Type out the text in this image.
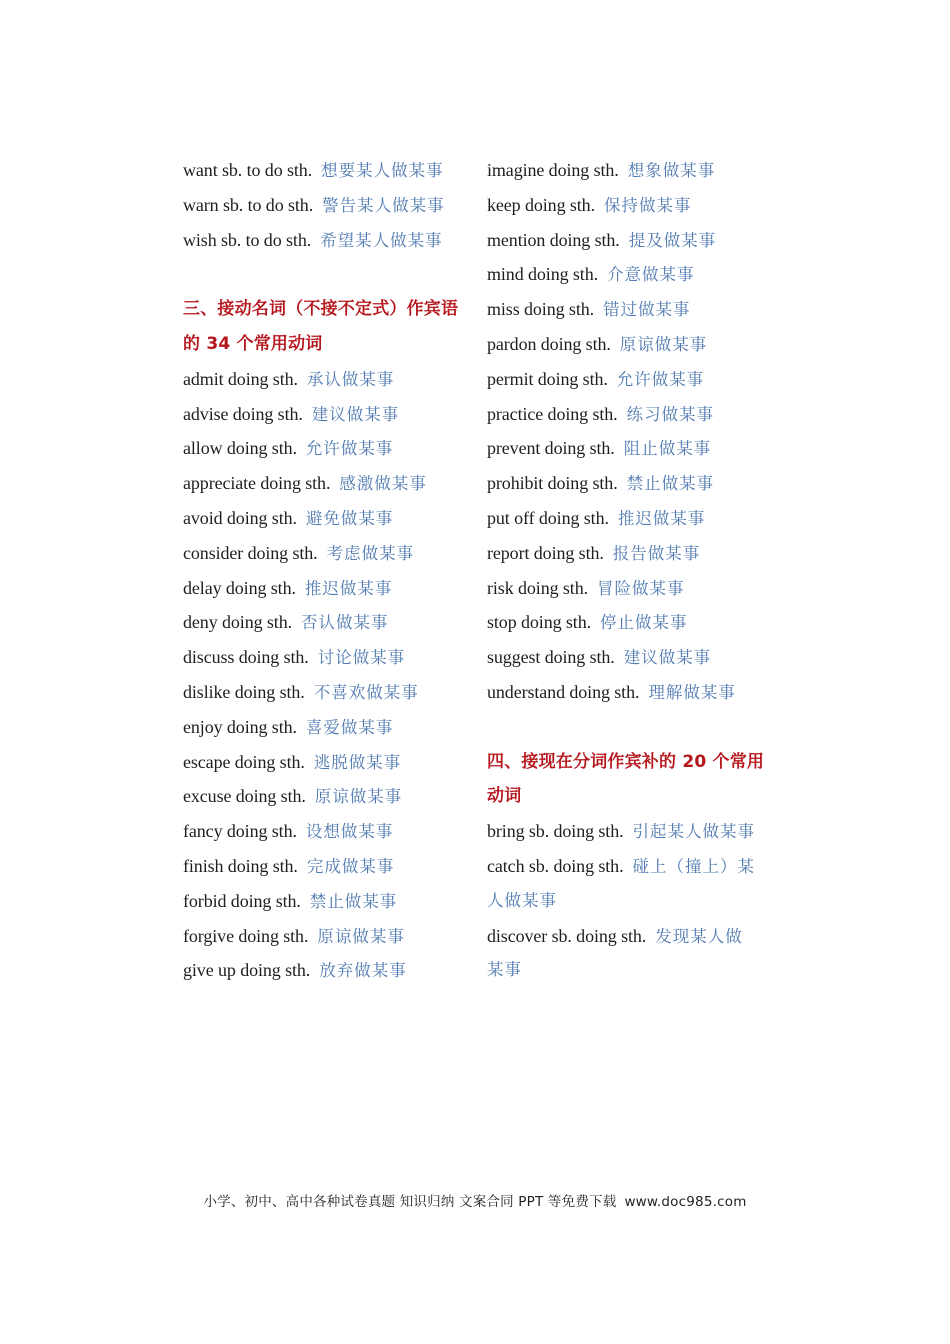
want sb. to do sth. 想要某人做某事
warn sb. to do sth. 警告某人做某事
wish sb. to do sth. 希望某人做某事
三、接动名词（不接不定式）作宾语
的 34 个常用动词
admit doing sth. 承认做某事
advise doing sth. 建议做某事
allow doing sth. 允许做某事
appreciate doing sth. 感激做某事
avoid doing sth. 避免做某事
consider doing sth. 考虑做某事
delay doing sth. 推迟做某事
deny doing sth. 否认做某事
discuss doing sth. 讨论做某事
dislike doing sth. 不喜欢做某事
enjoy doing sth. 喜爱做某事
escape doing sth. 逃脱做某事
excuse doing sth. 原谅做某事
fancy doing sth. 设想做某事
finish doing sth. 完成做某事
forbid doing sth. 禁止做某事
forgive doing sth. 原谅做某事
give up doing sth. 放弃做某事
imagine doing sth. 想象做某事
keep doing sth. 保持做某事
mention doing sth. 提及做某事
mind doing sth. 介意做某事
miss doing sth. 错过做某事
pardon doing sth. 原谅做某事
permit doing sth. 允许做某事
practice doing sth. 练习做某事
prevent doing sth. 阻止做某事
prohibit doing sth. 禁止做某事
put off doing sth. 推迟做某事
report doing sth. 报告做某事
risk doing sth. 冒险做某事
stop doing sth. 停止做某事
suggest doing sth. 建议做某事
understand doing sth. 理解做某事
四、接现在分词作宾补的 20 个常用
动词
bring sb. doing sth. 引起某人做某事
catch sb. doing sth. 碰上（撞上）某
人做某事
discover sb. doing sth. 发现某人做
某事
小学、初中、高中各种试卷真题 知识归纳 文案合同 PPT 等免费下载 www.doc985.com
